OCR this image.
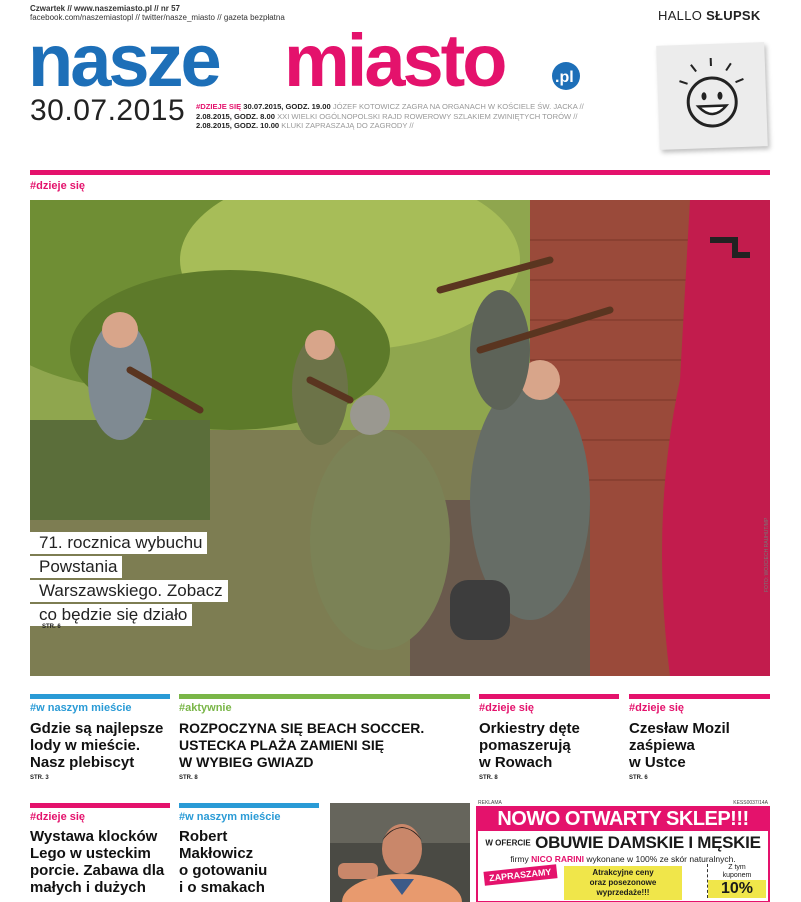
Czwartek // www.naszemiasto.pl // nr 57
facebook.com/naszemiastopl // twitter/nasze_miasto // gazeta bezpłatna	HALLO SŁUPSK
nasze miasto	.pl
30.07.2015 #DZIEJE SIĘ 30.07.2015, GODZ. 19.00 JÓZEF KOTOWICZ ZAGRA NA ORGANACH W KOŚCIELE ŚW. JACKA // 2.08.2015, GODZ. 8.00 XXI WIELKI OGÓLNOPOLSKI RAJD ROWEROWY SZLAKIEM ZWINIĘTYCH TORÓW // 2.08.2015, GODZ. 10.00 KLUKI ZAPRASZAJĄ DO ZAGRODY //
#dzieje się
71. rocznica wybuchu
Powstania
Warszawskiego. Zobacz
co będzie się działo
STR. 6
FOTO: WOJCIECH RAUHUT/MP
#w naszym mieście
Gdzie są najlepsze
lody w mieście.
Nasz plebiscyt
STR. 3
#aktywnie
ROZPOCZYNA SIĘ BEACH SOCCER.
USTECKA PLAŻA ZAMIENI SIĘ
W WYBIEG GWIAZD
STR. 8
#dzieje się
Orkiestry dęte
pomaszerują
w Rowach
STR. 8
#dzieje się
Czesław Mozil
zaśpiewa
w Ustce
STR. 6
#dzieje się
Wystawa klocków
Lego w usteckim
porcie. Zabawa dla
małych i dużych
#w naszym mieście
Robert
Makłowicz
o gotowaniu
i o smakach
REKLAMA	KESS0037/14A
NOWO OTWARTY SKLEP!!!
W OFERCIE OBUWIE DAMSKIE I MĘSKIE
firmy NICO RARINI wykonane w 100% ze skór naturalnych.
ZAPRASZAMY	Atrakcyjne ceny
oraz posezonowe wyprzedaże!!!
Z tym
kuponem
10%
